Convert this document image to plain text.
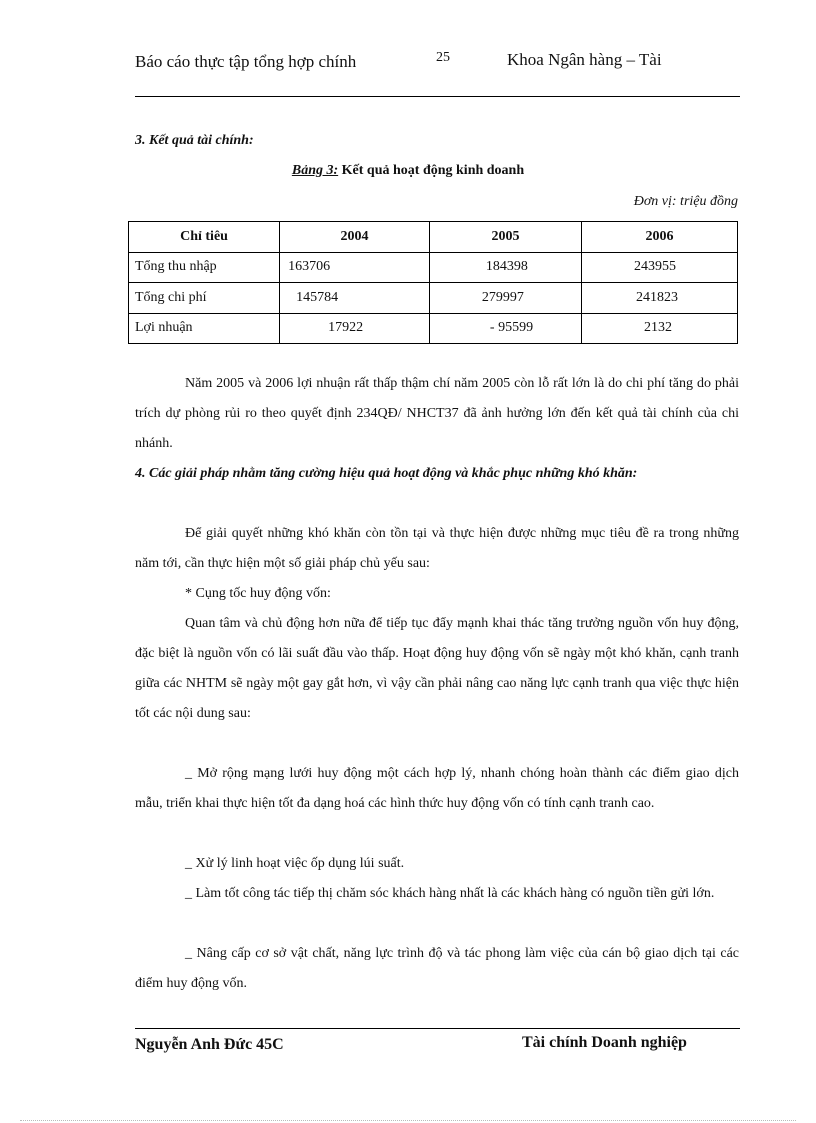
Báo cáo thực tập tổng hợp chính	25	Khoa Ngân hàng – Tài
3. Kết quả tài chính:
Bảng 3: Kết quả hoạt động kinh doanh
Đơn vị: triệu đồng
Chỉ tiêu	2004	2005	2006
Tổng thu nhập	163706	184398	243955
Tổng chi phí	145784	279997	241823
Lợi nhuận	17922	- 95599	2132
Năm 2005 và 2006 lợi nhuận rất thấp thậm chí năm 2005 còn lỗ rất lớn là do chi phí tăng do phải trích dự phòng rủi ro theo quyết định 234QĐ/ NHCT37 đã ảnh hưởng lớn đến kết quả tài chính của chi nhánh.
4. Các giải pháp nhằm tăng cường hiệu quả hoạt động và khắc phục những khó khăn:
Để giải quyết những khó khăn còn tồn tại và thực hiện được những mục tiêu đề ra trong những năm tới, cần thực hiện một số giải pháp chủ yếu sau:
* Cụng tốc huy động vốn:
Quan tâm và chủ động hơn nữa để tiếp tục đẩy mạnh khai thác tăng trưởng nguồn vốn huy động, đặc biệt là nguồn vốn có lãi suất đầu vào thấp. Hoạt động huy động vốn sẽ ngày một khó khăn, cạnh tranh giữa các NHTM sẽ ngày một gay gắt hơn, vì vậy cần phải nâng cao năng lực cạnh tranh qua việc thực hiện tốt các nội dung sau:
_ Mở rộng mạng lưới huy động một cách hợp lý, nhanh chóng hoàn thành các điểm giao dịch mẫu, triển khai thực hiện tốt đa dạng hoá các hình thức huy động vốn có tính cạnh tranh cao.
_ Xử lý linh hoạt việc ốp dụng lúi suất.
_ Làm tốt công tác tiếp thị chăm sóc khách hàng nhất là các khách hàng có nguồn tiền gửi lớn.
_ Nâng cấp cơ sở vật chất, năng lực trình độ và tác phong làm việc của cán bộ giao dịch tại các điểm huy động vốn.
Nguyễn Anh Đức 45C	Tài chính Doanh nghiệp
